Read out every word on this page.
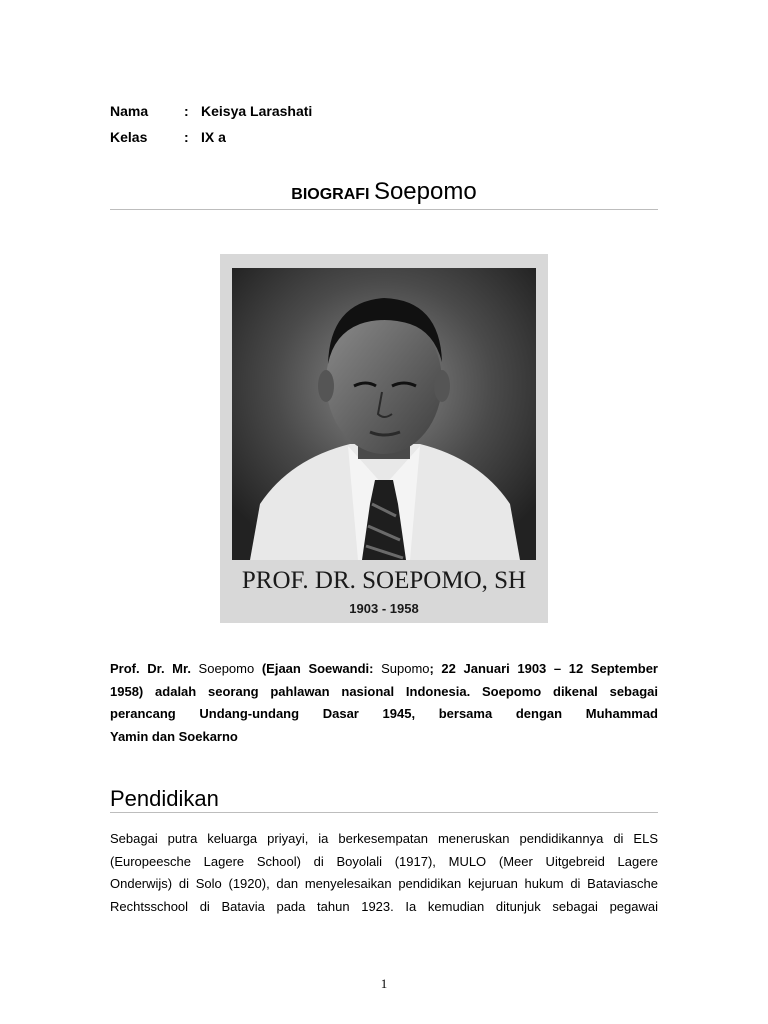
Nama	: Keisya Larashati
Kelas	: IX a
BIOGRAFI Soepomo
PROF. DR. SOEPOMO, SH
1903 - 1958

Prof. Dr. Mr. Soepomo (Ejaan Soewandi: Supomo; 22 Januari 1903 – 12 September
1958) adalah seorang pahlawan nasional Indonesia. Soepomo dikenal sebagai
perancang Undang-undang Dasar 1945, bersama dengan Muhammad
Yamin dan Soekarno

Pendidikan

Sebagai putra keluarga priyayi, ia berkesempatan meneruskan pendidikannya di ELS
(Europeesche Lagere School) di Boyolali (1917), MULO (Meer Uitgebreid Lagere
Onderwijs) di Solo (1920), dan menyelesaikan pendidikan kejuruan hukum di Bataviasche
Rechtsschool di Batavia pada tahun 1923. Ia kemudian ditunjuk sebagai pegawai

1
